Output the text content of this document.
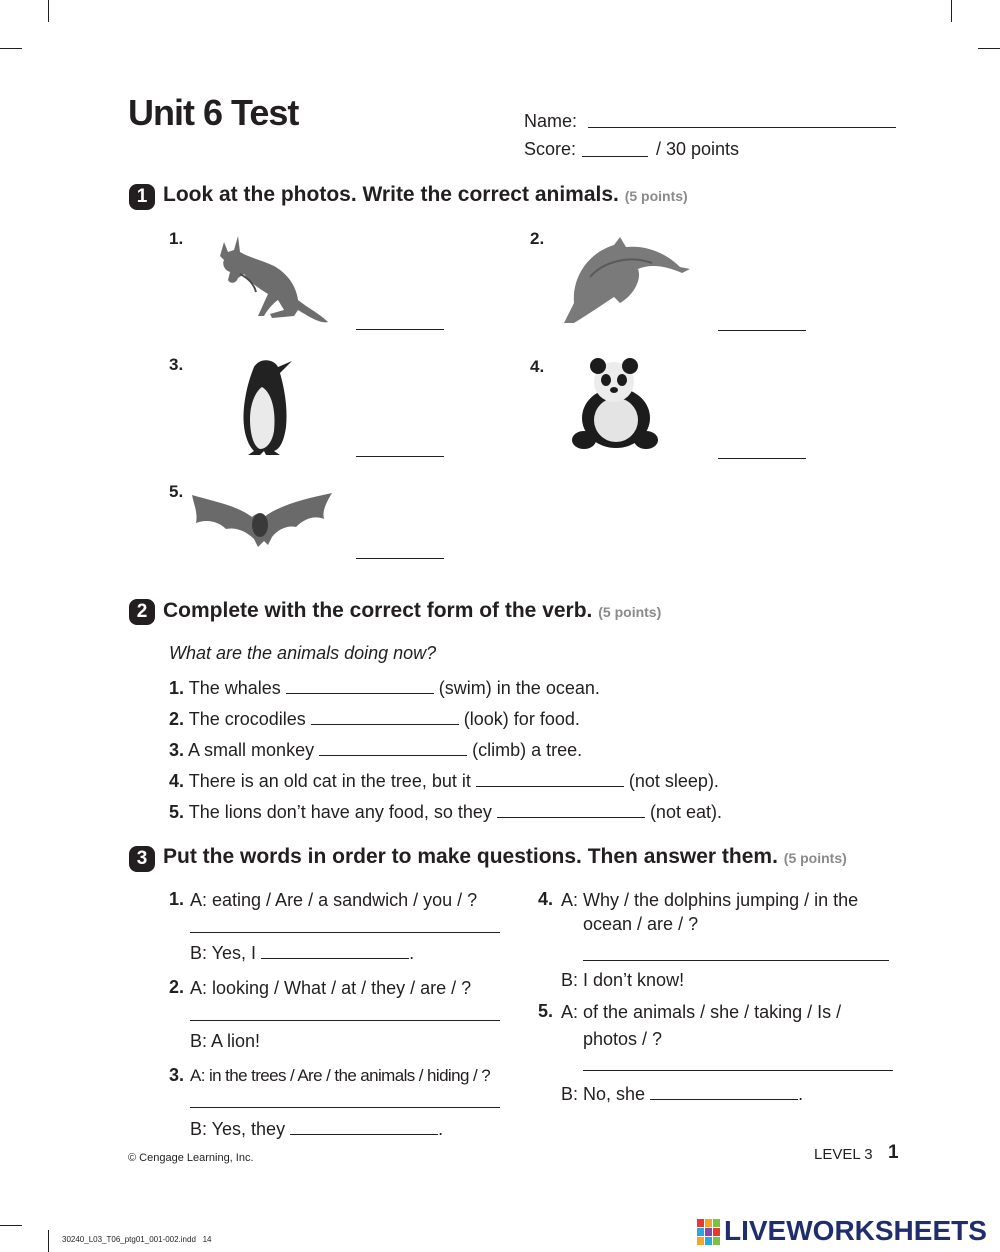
Unit 6 Test	Name:
Score:	/ 30 points
1 Look at the photos. Write the correct animals. (5 points)
1.	2.
3.	4.
5.
2 Complete with the correct form of the verb. (5 points)
What are the animals doing now?
1. The whales	(swim) in the ocean.
2. The crocodiles	(look) for food.
3. A small monkey	(climb) a tree.
4. There is an old cat in the tree, but it	(not sleep).
5. The lions don’t have any food, so they	(not eat).
3 Put the words in order to make questions. Then answer them. (5 points)
1. A: eating / Are / a sandwich / you / ?
B: Yes, I	.
2. A: looking / What / at / they / are / ?
B: A lion!
3. A: in the trees / Are / the animals / hiding / ?
B: Yes, they	.
4. A: Why / the dolphins jumping / in the
ocean / are / ?
B: I don’t know!
5. A: of the animals / she / taking / Is /
photos / ?
B: No, she	.
© Cengage Learning, Inc.	LEVEL 3 1
30240_L03_T06_ptg01_001-002.indd   14	LIVEWORKSHEETS
